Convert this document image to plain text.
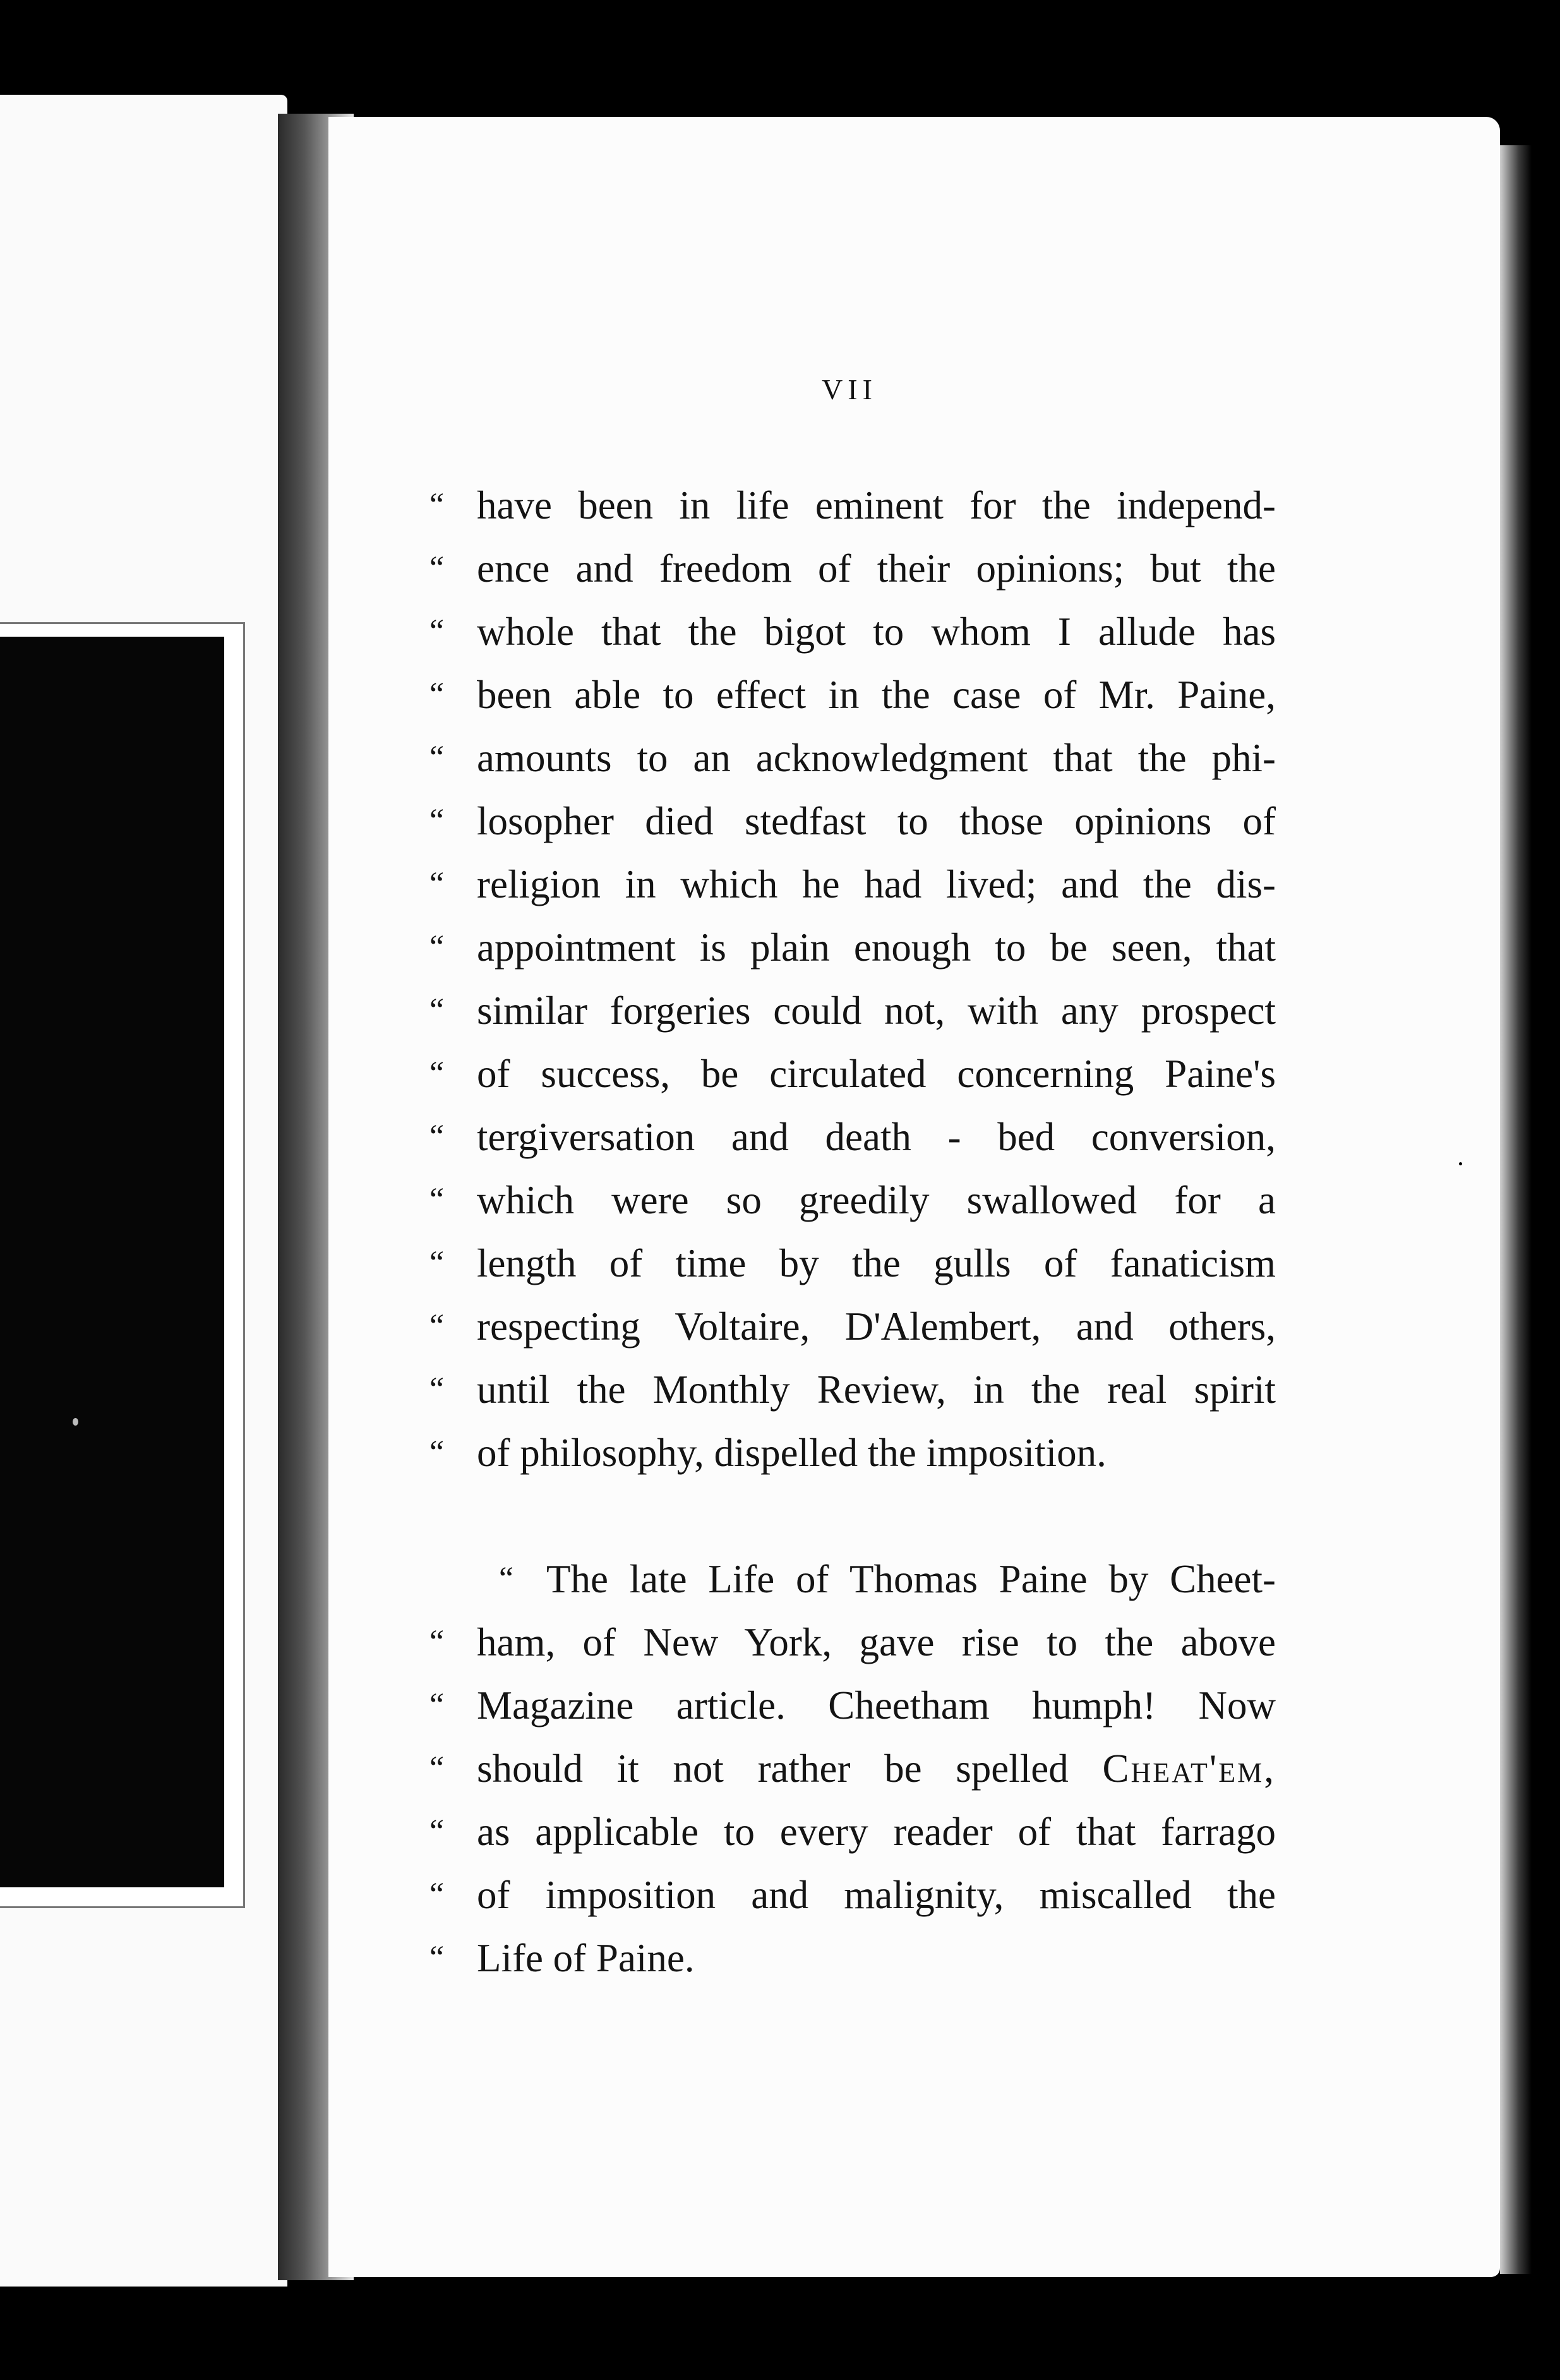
VII
“ have been in life eminent for the independ-
“ ence and freedom of their opinions; but the
“ whole that the bigot to whom I allude has
“ been able to effect in the case of Mr. Paine,
“ amounts to an acknowledgment that the phi-
“ losopher died stedfast to those opinions of
“ religion in which he had lived; and the dis-
“ appointment is plain enough to be seen, that
“ similar forgeries could not, with any prospect
“ of success, be circulated concerning Paine's
“ tergiversation and death - bed conversion,
“ which were so greedily swallowed for a
“ length of time by the gulls of fanaticism
“ respecting Voltaire, D'Alembert, and others,
“ until the Monthly Review, in the real spirit
“ of philosophy, dispelled the imposition.
“ The late Life of Thomas Paine by Cheet-
“ ham, of New York, gave rise to the above
“ Magazine article. Cheetham humph! Now
“ should it not rather be spelled Cheat'em,
“ as applicable to every reader of that farrago
“ of imposition and malignity, miscalled the
“ Life of Paine.
